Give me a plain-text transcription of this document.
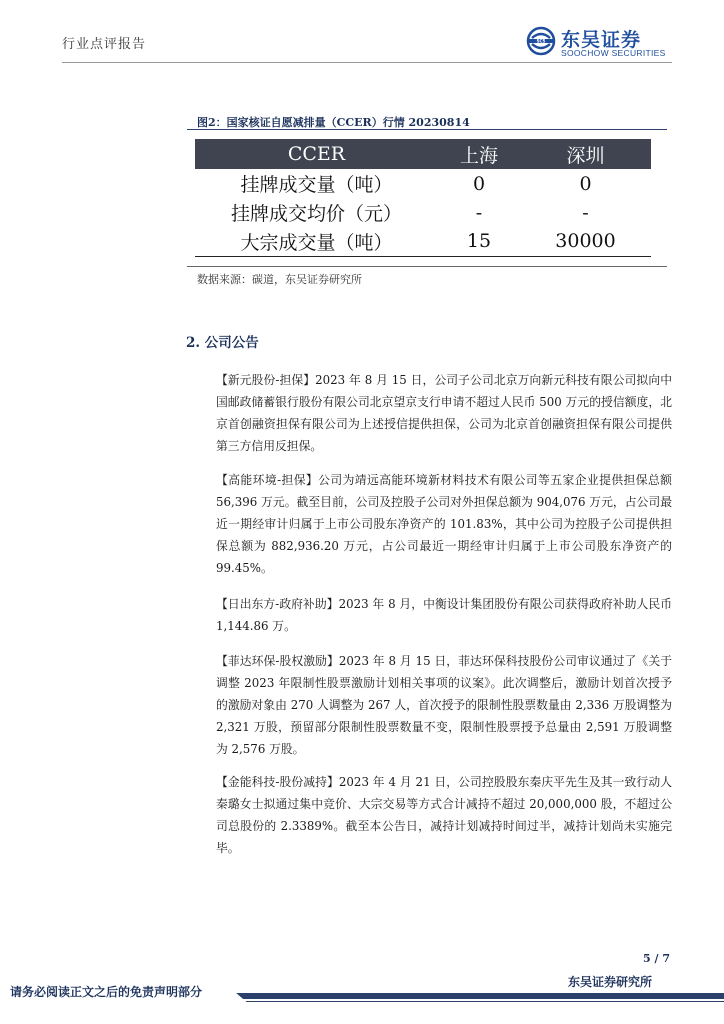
行业点评报告	SCS 东吴证券
SOOCHOW SECURITIES
图2：国家核证自愿减排量（CCER）行情 20230814
CCER	上海	深圳
挂牌成交量（吨）	0	0
挂牌成交均价（元）	-	-
大宗成交量（吨）	15	30000
数据来源：碳道，东吴证券研究所
2. 公司公告
【新元股份-担保】2023 年 8 月 15 日，公司子公司北京万向新元科技有限公司拟向中国邮政储蓄银行股份有限公司北京望京支行申请不超过人民币 500 万元的授信额度，北京首创融资担保有限公司为上述授信提供担保，公司为北京首创融资担保有限公司提供第三方信用反担保。
【高能环境-担保】公司为靖远高能环境新材料技术有限公司等五家企业提供担保总额 56,396 万元。截至目前，公司及控股子公司对外担保总额为 904,076 万元，占公司最近一期经审计归属于上市公司股东净资产的 101.83%，其中公司为控股子公司提供担保总额为 882,936.20 万元，占公司最近一期经审计归属于上市公司股东净资产的 99.45%。
【日出东方-政府补助】2023 年 8 月，中衡设计集团股份有限公司获得政府补助人民币 1,144.86 万。
【菲达环保-股权激励】2023 年 8 月 15 日，菲达环保科技股份公司审议通过了《关于调整 2023 年限制性股票激励计划相关事项的议案》。此次调整后，激励计划首次授予的激励对象由 270 人调整为 267 人，首次授予的限制性股票数量由 2,336 万股调整为 2,321 万股，预留部分限制性股票数量不变，限制性股票授予总量由 2,591 万股调整为 2,576 万股。
【金能科技-股份减持】2023 年 4 月 21 日，公司控股股东秦庆平先生及其一致行动人秦璐女士拟通过集中竞价、大宗交易等方式合计减持不超过 20,000,000 股，不超过公司总股份的 2.3389%。截至本公告日，减持计划减持时间过半，减持计划尚未实施完毕。
5 / 7
东吴证券研究所
请务必阅读正文之后的免责声明部分
